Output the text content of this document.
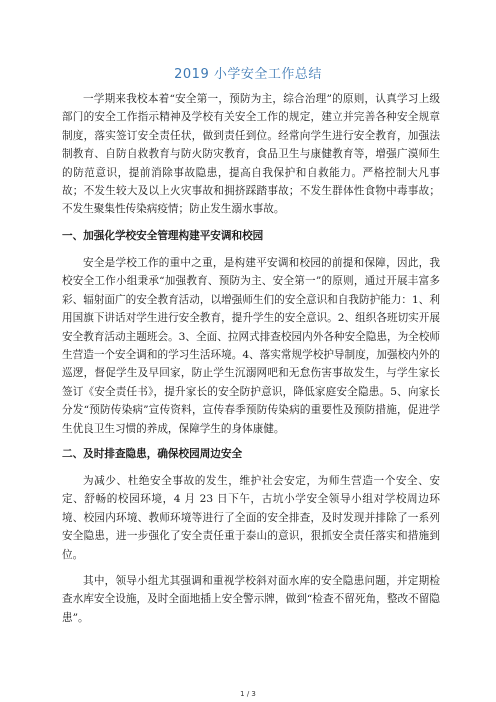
2019 小学安全工作总结

一学期来我校本着“安全第一，预防为主，综合治理”的原则，认真学习上级部门的安全工作指示精神及学校有关安全工作的规定，建立并完善各种安全规章制度，落实签订安全责任状，做到责任到位。经常向学生进行安全教育，加强法制教育、自防自救教育与防火防灾教育，食品卫生与康健教育等，增强广漠师生的防范意识，提前消除事故隐患，提高自我保护和自救能力。严格控制大凡事故；不发生较大及以上火灾事故和拥挤踩踏事故；不发生群体性食物中毒事故；不发生聚集性传染病疫情；防止发生溺水事故。

一、加强化学校安全管理构建平安调和校园

安全是学校工作的重中之重，是构建平安调和校园的前提和保障，因此，我校安全工作小组秉承“加强教育、预防为主、安全第一”的原则，通过开展丰富多彩、辐射面广的安全教育活动，以增强师生们的安全意识和自我防护能力：1、利用国旗下讲话对学生进行安全教育，提升学生的安全意识。2、组织各班切实开展安全教育活动主题班会。3、全面、拉网式排查校园内外各种安全隐患，为全校师生营造一个安全调和的学习生活环境。4、落实常规学校护导制度，加强校内外的巡逻，督促学生及早回家，防止学生沉溺网吧和无怠伤害事故发生，与学生家长签订《安全责任书》，提升家长的安全防护意识，降低家庭安全隐患。5、向家长分发“预防传染病”宣传资料，宣传春季预防传染病的重要性及预防措施，促进学生优良卫生习惯的养成，保障学生的身体康健。

二、及时排查隐患，确保校园周边安全

为减少、杜绝安全事故的发生，维护社会安定，为师生营造一个安全、安定、舒畅的校园环境，4 月 23 日下午，古坑小学安全领导小组对学校周边环境、校园内环境、教师环境等进行了全面的安全排查，及时发现并排除了一系列安全隐患，进一步强化了安全责任重于泰山的意识，狠抓安全责任落实和措施到位。

其中，领导小组尤其强调和重视学校斜对面水库的安全隐患问题，并定期检查水库安全设施，及时全面地插上安全警示牌，做到“检查不留死角，整改不留隐患”。

1 / 3
